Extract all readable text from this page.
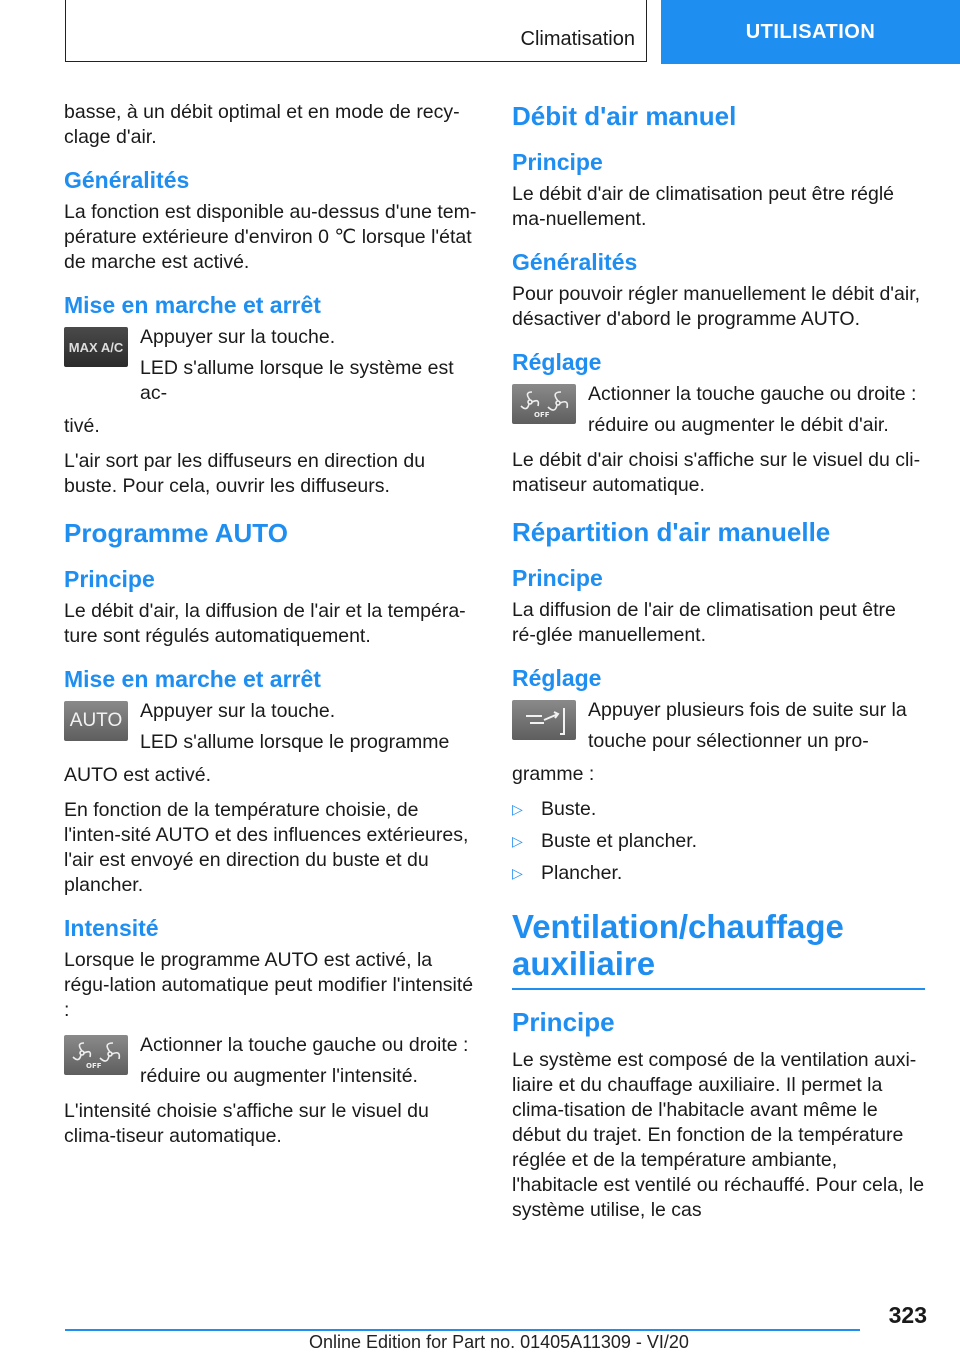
Climatisation	UTILISATION

basse, à un débit optimal et en mode de recy-clage d'air.

Généralités

La fonction est disponible au-dessus d'une tem-pérature extérieure d'environ 0 ℃ lorsque l'état de marche est activé.

Mise en marche et arrêt
MAX A/C Appuyer sur la touche.

LED s'allume lorsque le système est ac-

tivé.

L'air sort par les diffuseurs en direction du buste. Pour cela, ouvrir les diffuseurs.

Programme AUTO
Principe

Le débit d'air, la diffusion de l'air et la tempéra-ture sont régulés automatiquement.

Mise en marche et arrêt
AUTO Appuyer sur la touche.

LED s'allume lorsque le programme

AUTO est activé.

En fonction de la température choisie, de l'inten-sité AUTO et des influences extérieures, l'air est envoyé en direction du buste et du plancher.

Intensité

Lorsque le programme AUTO est activé, la régu-lation automatique peut modifier l'intensité :

OFF

Actionner la touche gauche ou droite :

réduire ou augmenter l'intensité.

L'intensité choisie s'affiche sur le visuel du clima-tiseur automatique.

Débit d'air manuel
Principe

Le débit d'air de climatisation peut être réglé ma-nuellement.

Généralités

Pour pouvoir régler manuellement le débit d'air, désactiver d'abord le programme AUTO.

Réglage
OFF

Actionner la touche gauche ou droite :

réduire ou augmenter le débit d'air.

Le débit d'air choisi s'affiche sur le visuel du cli-matiseur automatique.

Répartition d'air manuelle
Principe

La diffusion de l'air de climatisation peut être ré-glée manuellement.

Réglage

Appuyer plusieurs fois de suite sur la

touche pour sélectionner un pro-

gramme :

▷ Buste.
▷ Buste et plancher.
▷ Plancher.
Ventilation/chauffage auxiliaire
Principe

Le système est composé de la ventilation auxi-liaire et du chauffage auxiliaire. Il permet la clima-tisation de l'habitacle avant même le début du trajet. En fonction de la température réglée et de la température ambiante, l'habitacle est ventilé ou réchauffé. Pour cela, le système utilise, le cas

323
Online Edition for Part no. 01405A11309 - VI/20
